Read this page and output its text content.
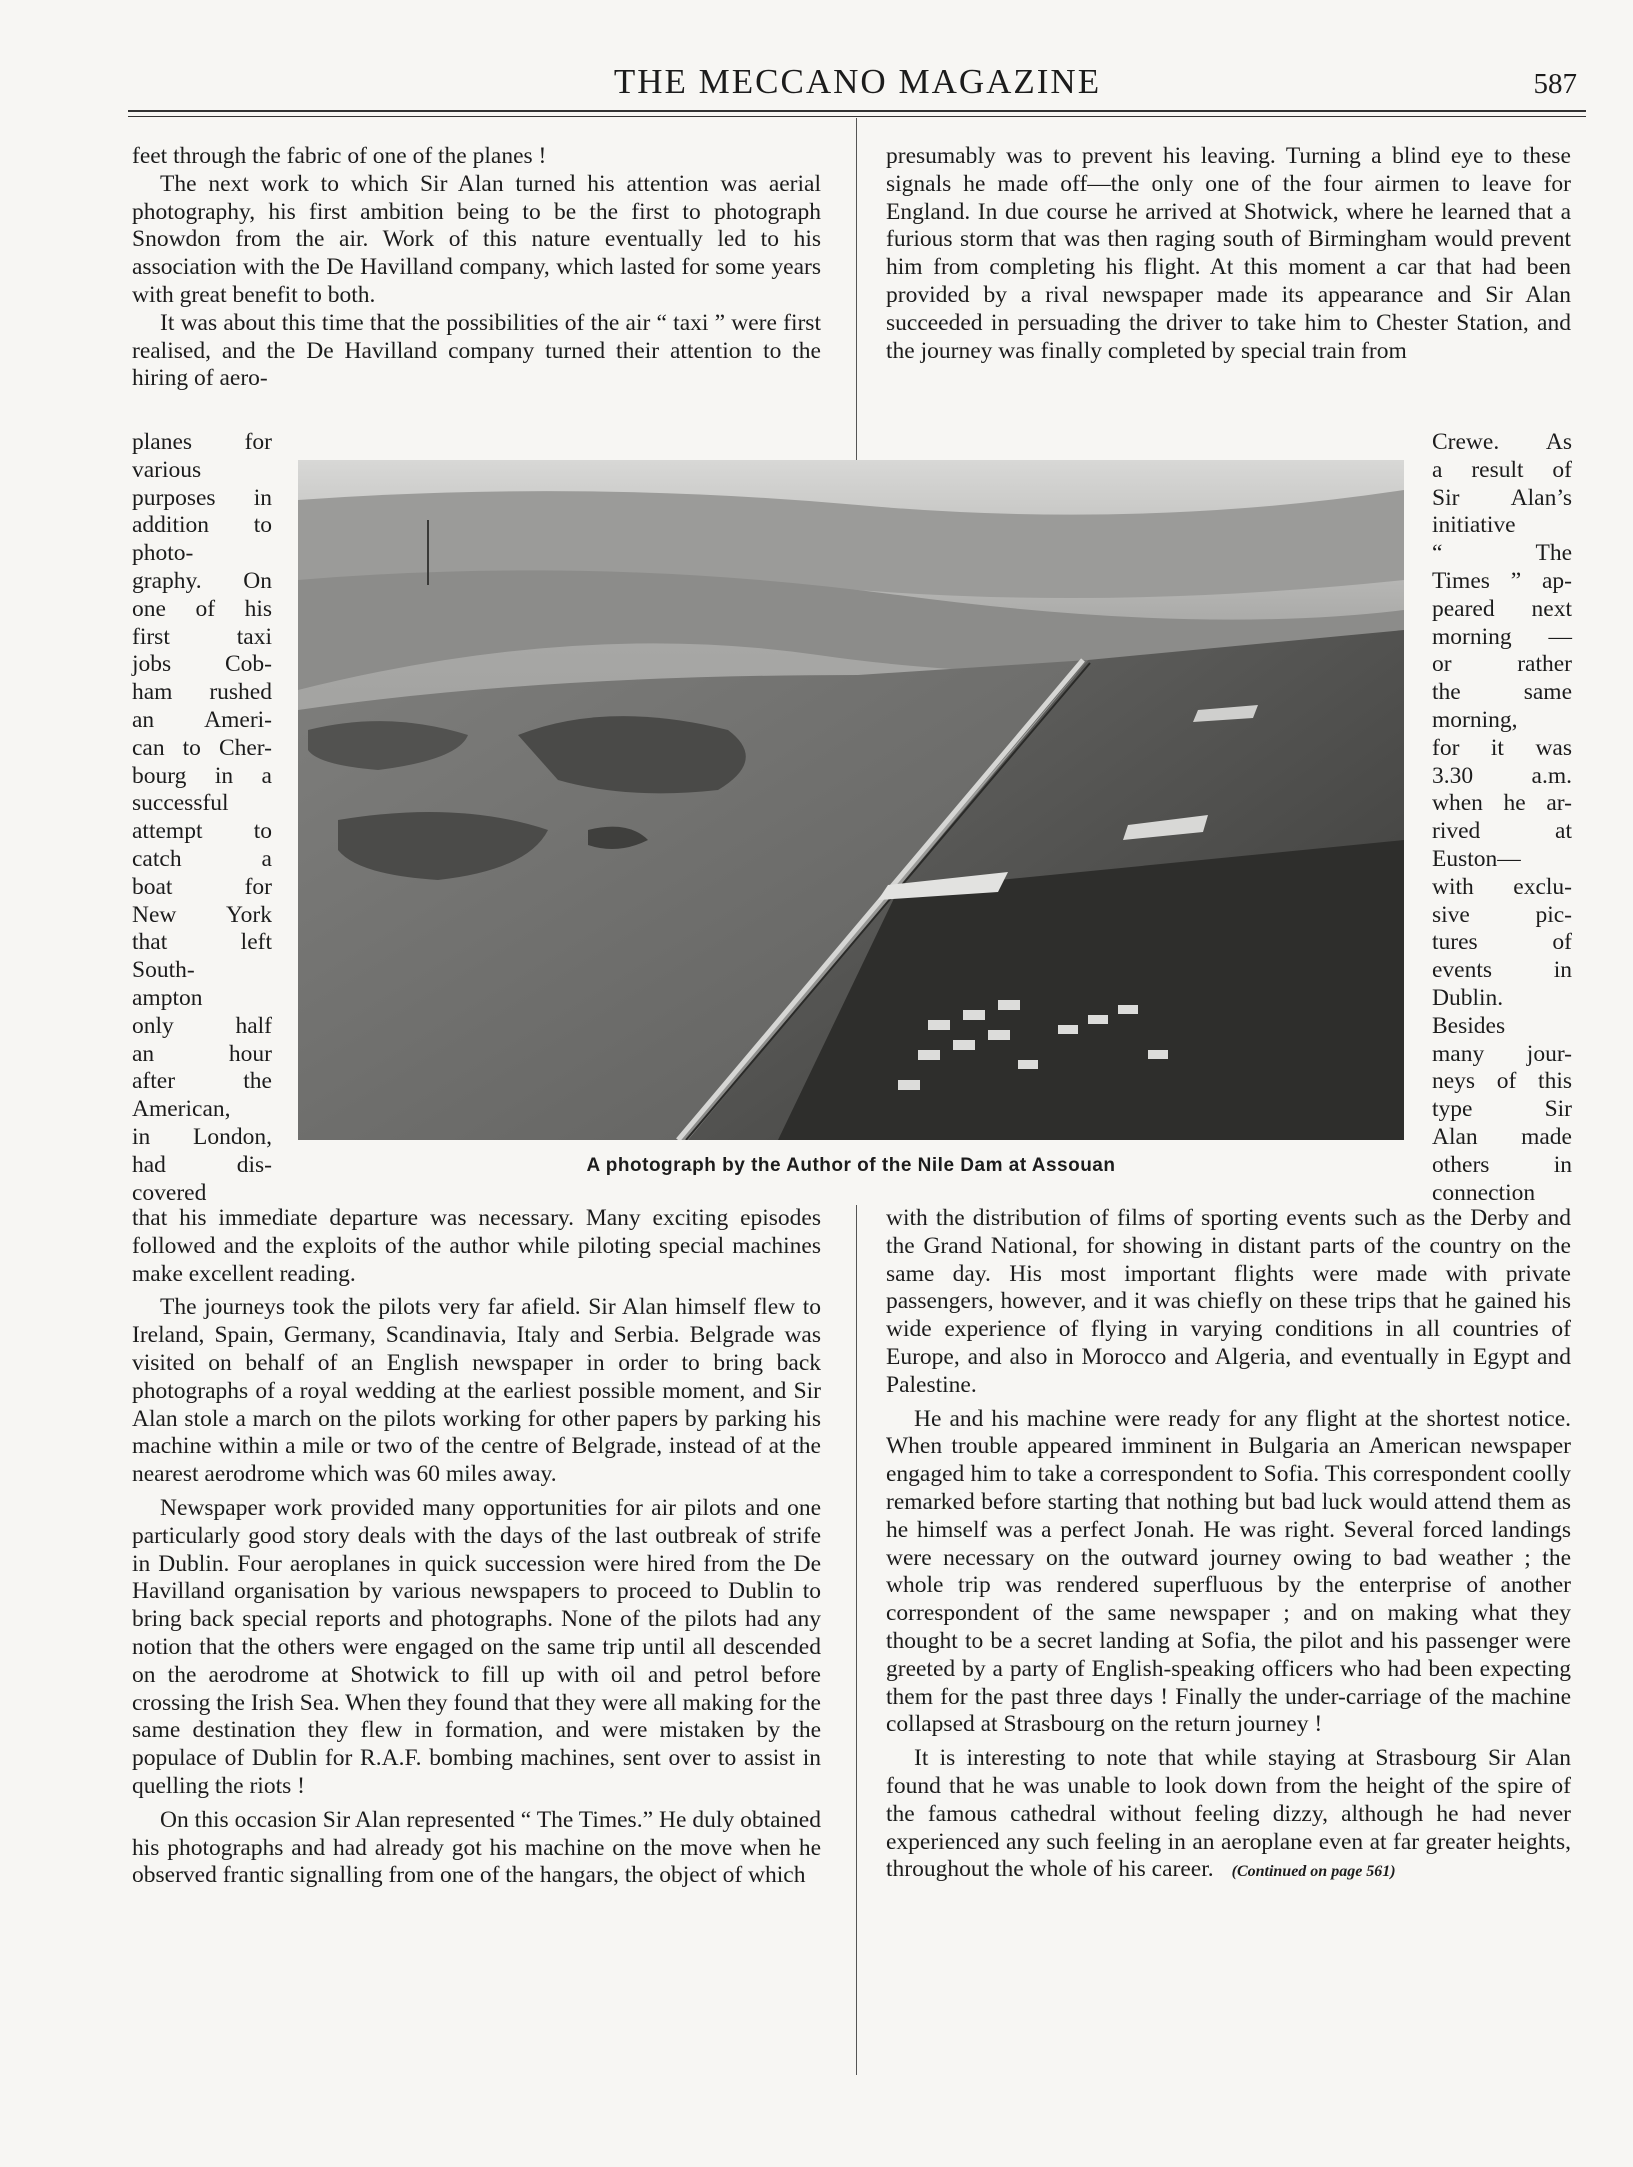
THE MECCANO MAGAZINE	587

feet through the fabric of one of the planes !

The next work to which Sir Alan turned his attention was aerial photography, his first ambition being to be the first to photograph Snowdon from the air. Work of this nature eventually led to his association with the De Havilland company, which lasted for some years with great benefit to both.

It was about this time that the possibilities of the air “ taxi ” were first realised, and the De Havilland company turned their attention to the hiring of aero-

planes for
various
purposes in
addition to
photo-
graphy. On
one of his
first taxi
jobs Cob-
ham rushed
an Ameri-
can to Cher-
bourg in a
successful
attempt to
catch a
boat for
New York
that left
South-
ampton
only half
an hour
after the
American,
in London,
had dis-
covered
A photograph by the Author of the Nile Dam at Assouan

that his immediate departure was necessary. Many exciting episodes followed and the exploits of the author while piloting special machines make excellent reading.

The journeys took the pilots very far afield. Sir Alan himself flew to Ireland, Spain, Germany, Scandinavia, Italy and Serbia. Belgrade was visited on behalf of an English newspaper in order to bring back photographs of a royal wedding at the earliest possible moment, and Sir Alan stole a march on the pilots working for other papers by parking his machine within a mile or two of the centre of Belgrade, instead of at the nearest aerodrome which was 60 miles away.

Newspaper work provided many opportunities for air pilots and one particularly good story deals with the days of the last outbreak of strife in Dublin. Four aeroplanes in quick succession were hired from the De Havilland organisation by various newspapers to proceed to Dublin to bring back special reports and photographs. None of the pilots had any notion that the others were engaged on the same trip until all descended on the aerodrome at Shotwick to fill up with oil and petrol before crossing the Irish Sea. When they found that they were all making for the same destination they flew in formation, and were mistaken by the populace of Dublin for R.A.F. bombing machines, sent over to assist in quelling the riots !

On this occasion Sir Alan represented “ The Times.” He duly obtained his photographs and had already got his machine on the move when he observed frantic signalling from one of the hangars, the object of which

presumably was to prevent his leaving. Turning a blind eye to these signals he made off—the only one of the four airmen to leave for England. In due course he arrived at Shotwick, where he learned that a furious storm that was then raging south of Birmingham would prevent him from completing his flight. At this moment a car that had been provided by a rival newspaper made its appearance and Sir Alan succeeded in persuading the driver to take him to Chester Station, and the journey was finally completed by special train from

Crewe. As
a result of
Sir Alan’s
initiative
“ The
Times ” ap-
peared next
morning —
or rather
the same
morning,
for it was
3.30 a.m.
when he ar-
rived at
Euston—
with exclu-
sive pic-
tures of
events in
Dublin.
Besides
many jour-
neys of this
type Sir
Alan made
others in
connection

with the distribution of films of sporting events such as the Derby and the Grand National, for showing in distant parts of the country on the same day. His most important flights were made with private passengers, however, and it was chiefly on these trips that he gained his wide experience of flying in varying conditions in all countries of Europe, and also in Morocco and Algeria, and eventually in Egypt and Palestine.

He and his machine were ready for any flight at the shortest notice. When trouble appeared imminent in Bulgaria an American newspaper engaged him to take a correspondent to Sofia. This correspondent coolly remarked before starting that nothing but bad luck would attend them as he himself was a perfect Jonah. He was right. Several forced landings were necessary on the outward journey owing to bad weather ; the whole trip was rendered superfluous by the enterprise of another correspondent of the same newspaper ; and on making what they thought to be a secret landing at Sofia, the pilot and his passenger were greeted by a party of English-speaking officers who had been expecting them for the past three days ! Finally the under-carriage of the machine collapsed at Strasbourg on the return journey !

It is interesting to note that while staying at Strasbourg Sir Alan found that he was unable to look down from the height of the spire of the famous cathedral without feeling dizzy, although he had never experienced any such feeling in an aeroplane even at far greater heights, throughout the whole of his career. (Continued on page 561)
